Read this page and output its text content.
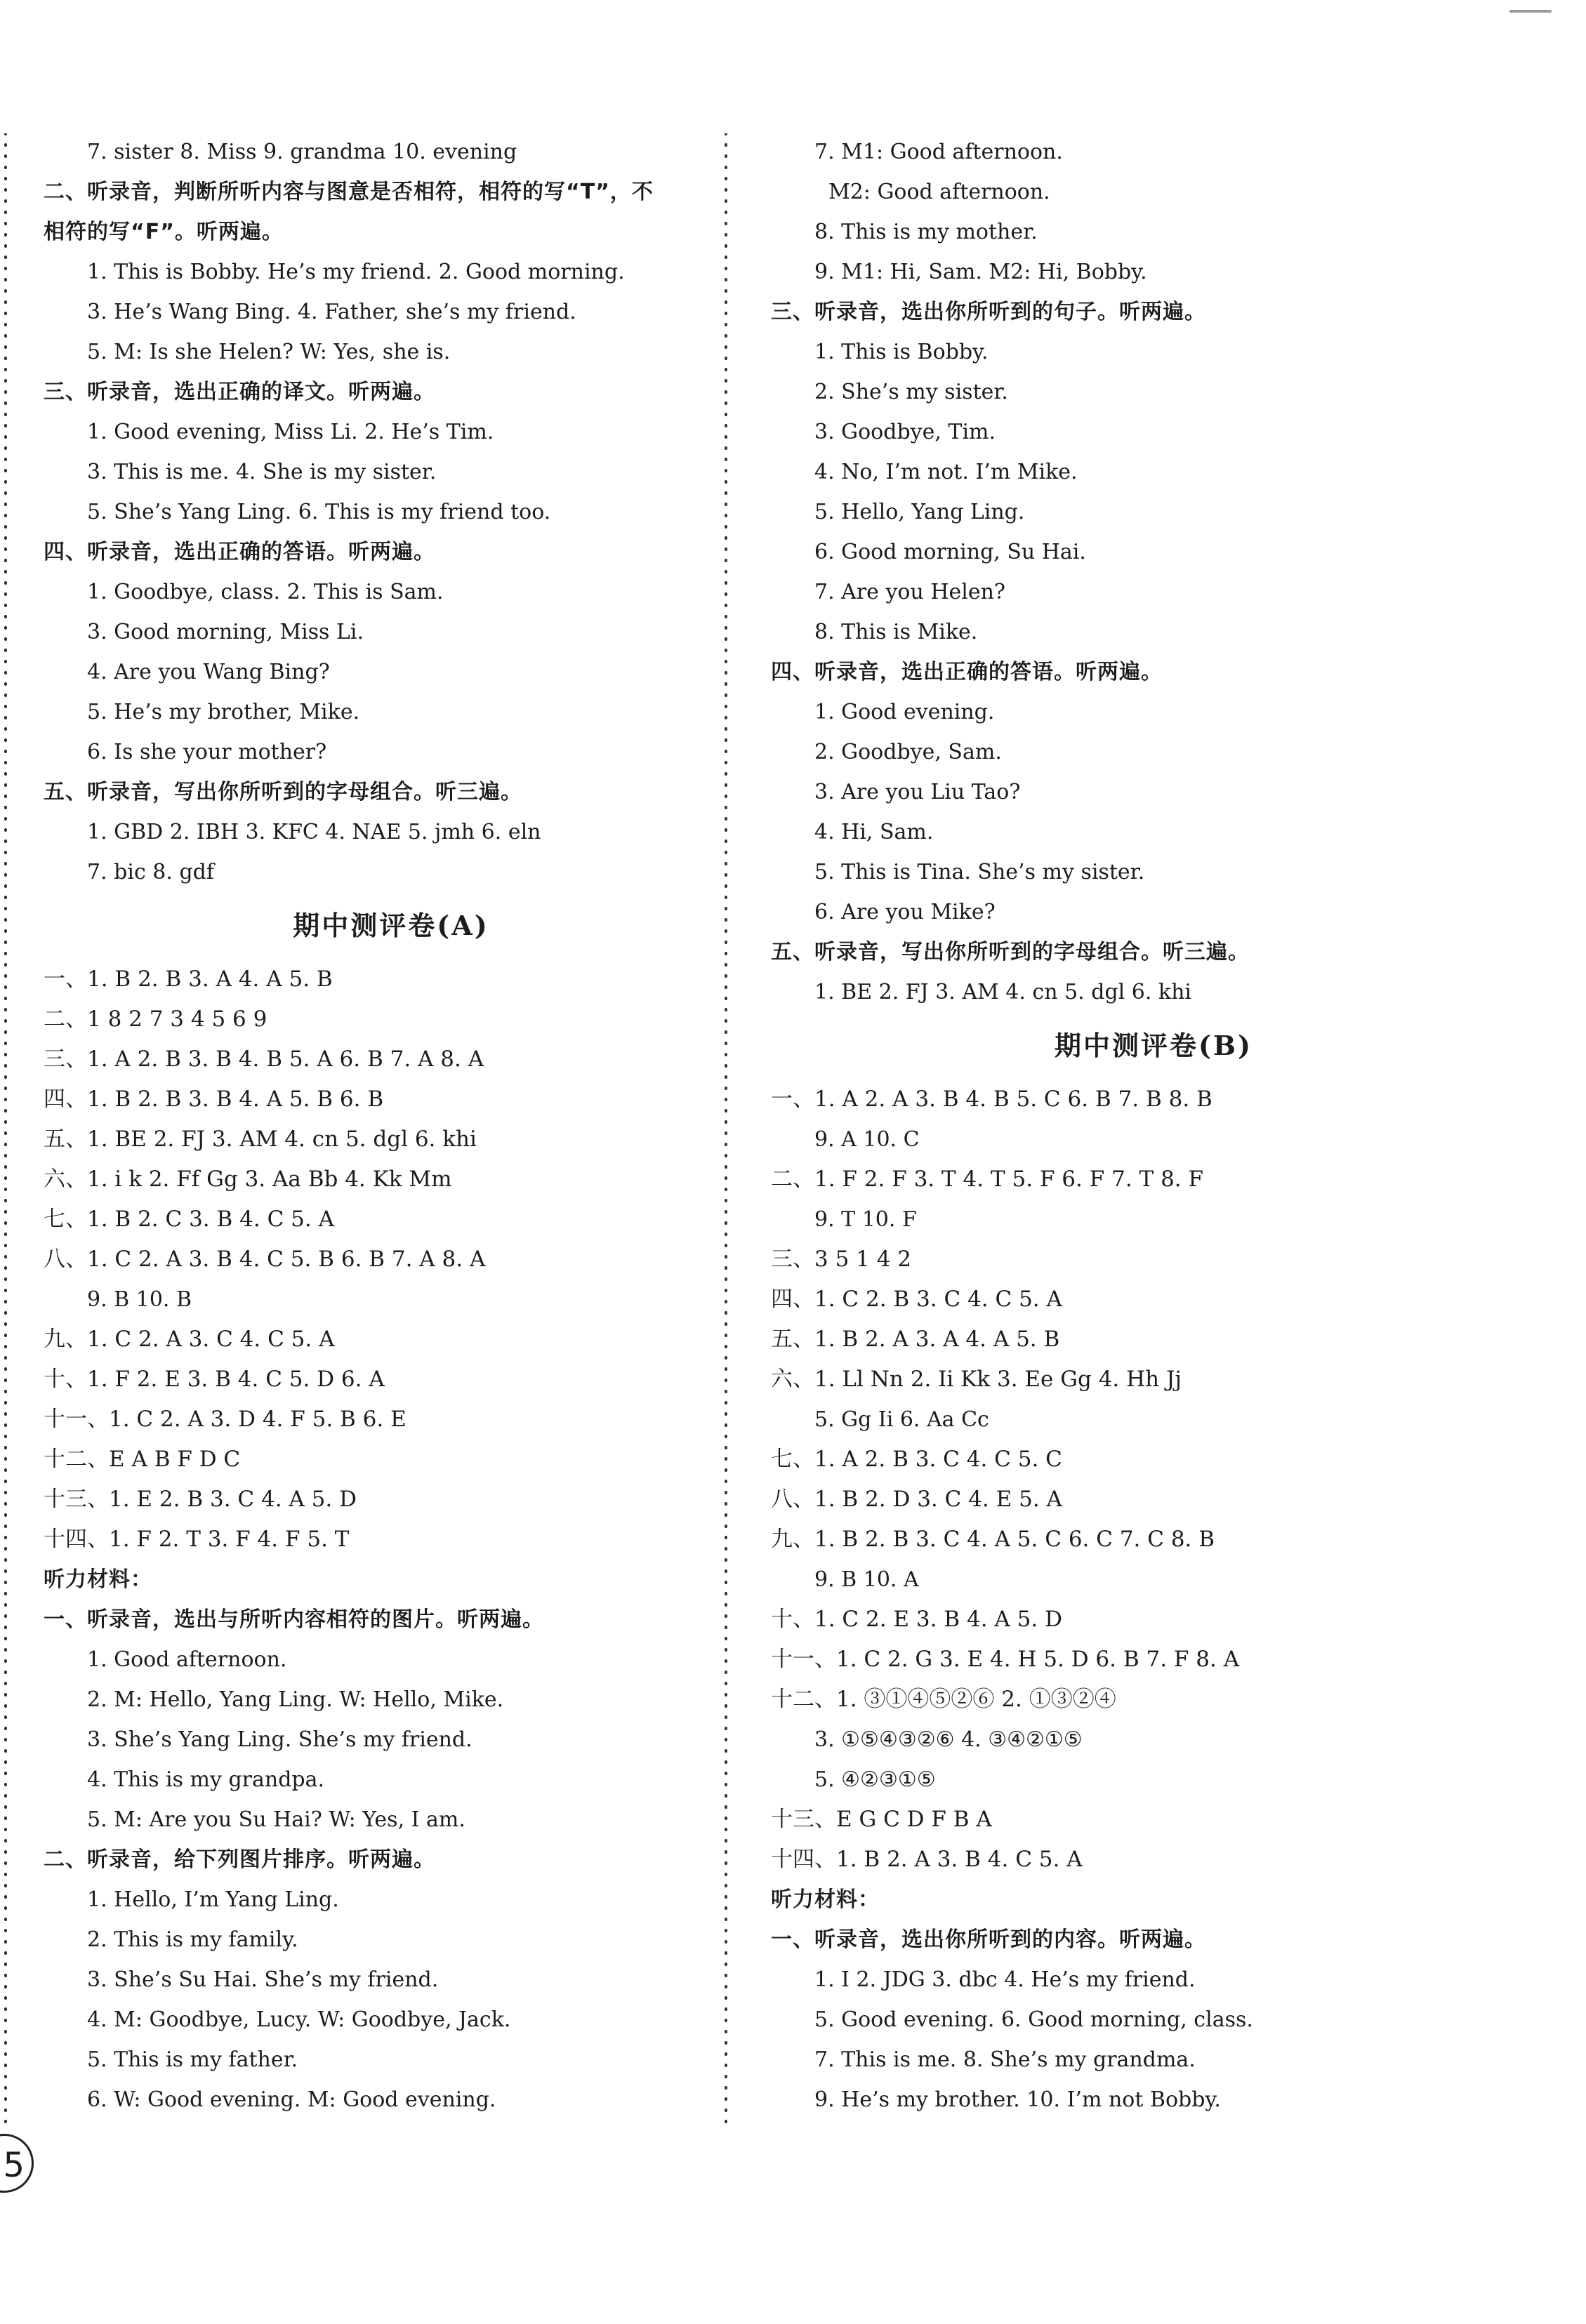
7. sister 8. Miss 9. grandma 10. evening
二、听录音，判断所听内容与图意是否相符，相符的写“T”，不
相符的写“F”。听两遍。
1. This is Bobby. He’s my friend. 2. Good morning.
3. He’s Wang Bing. 4. Father, she’s my friend.
5. M: Is she Helen? W: Yes, she is.
三、听录音，选出正确的译文。听两遍。
1. Good evening, Miss Li. 2. He’s Tim.
3. This is me. 4. She is my sister.
5. She’s Yang Ling. 6. This is my friend too.
四、听录音，选出正确的答语。听两遍。
1. Goodbye, class. 2. This is Sam.
3. Good morning, Miss Li.
4. Are you Wang Bing?
5. He’s my brother, Mike.
6. Is she your mother?
五、听录音，写出你所听到的字母组合。听三遍。
1. GBD 2. IBH 3. KFC 4. NAE 5. jmh 6. eln
7. bic 8. gdf
期中测评卷(A)
一、1. B 2. B 3. A 4. A 5. B
二、1 8 2 7 3 4 5 6 9
三、1. A 2. B 3. B 4. B 5. A 6. B 7. A 8. A
四、1. B 2. B 3. B 4. A 5. B 6. B
五、1. BE 2. FJ 3. AM 4. cn 5. dgl 6. khi
六、1. i k 2. Ff Gg 3. Aa Bb 4. Kk Mm
七、1. B 2. C 3. B 4. C 5. A
八、1. C 2. A 3. B 4. C 5. B 6. B 7. A 8. A
9. B 10. B
九、1. C 2. A 3. C 4. C 5. A
十、1. F 2. E 3. B 4. C 5. D 6. A
十一、1. C 2. A 3. D 4. F 5. B 6. E
十二、E A B F D C
十三、1. E 2. B 3. C 4. A 5. D
十四、1. F 2. T 3. F 4. F 5. T
听力材料：
一、听录音，选出与所听内容相符的图片。听两遍。
1. Good afternoon.
2. M: Hello, Yang Ling. W: Hello, Mike.
3. She’s Yang Ling. She’s my friend.
4. This is my grandpa.
5. M: Are you Su Hai? W: Yes, I am.
二、听录音，给下列图片排序。听两遍。
1. Hello, I’m Yang Ling.
2. This is my family.
3. She’s Su Hai. She’s my friend.
4. M: Goodbye, Lucy. W: Goodbye, Jack.
5. This is my father.
6. W: Good evening. M: Good evening.
7. M1: Good afternoon.
M2: Good afternoon.
8. This is my mother.
9. M1: Hi, Sam. M2: Hi, Bobby.
三、听录音，选出你所听到的句子。听两遍。
1. This is Bobby.
2. She’s my sister.
3. Goodbye, Tim.
4. No, I’m not. I’m Mike.
5. Hello, Yang Ling.
6. Good morning, Su Hai.
7. Are you Helen?
8. This is Mike.
四、听录音，选出正确的答语。听两遍。
1. Good evening.
2. Goodbye, Sam.
3. Are you Liu Tao?
4. Hi, Sam.
5. This is Tina. She’s my sister.
6. Are you Mike?
五、听录音，写出你所听到的字母组合。听三遍。
1. BE 2. FJ 3. AM 4. cn 5. dgl 6. khi
期中测评卷(B)
一、1. A 2. A 3. B 4. B 5. C 6. B 7. B 8. B
9. A 10. C
二、1. F 2. F 3. T 4. T 5. F 6. F 7. T 8. F
9. T 10. F
三、3 5 1 4 2
四、1. C 2. B 3. C 4. C 5. A
五、1. B 2. A 3. A 4. A 5. B
六、1. Ll Nn 2. Ii Kk 3. Ee Gg 4. Hh Jj
5. Gg Ii 6. Aa Cc
七、1. A 2. B 3. C 4. C 5. C
八、1. B 2. D 3. C 4. E 5. A
九、1. B 2. B 3. C 4. A 5. C 6. C 7. C 8. B
9. B 10. A
十、1. C 2. E 3. B 4. A 5. D
十一、1. C 2. G 3. E 4. H 5. D 6. B 7. F 8. A
十二、1. ③①④⑤②⑥ 2. ①③②④
3. ①⑤④③②⑥ 4. ③④②①⑤
5. ④②③①⑤
十三、E G C D F B A
十四、1. B 2. A 3. B 4. C 5. A
听力材料：
一、听录音，选出你所听到的内容。听两遍。
1. I 2. JDG 3. dbc 4. He’s my friend.
5. Good evening. 6. Good morning, class.
7. This is me. 8. She’s my grandma.
9. He’s my brother. 10. I’m not Bobby.
5
